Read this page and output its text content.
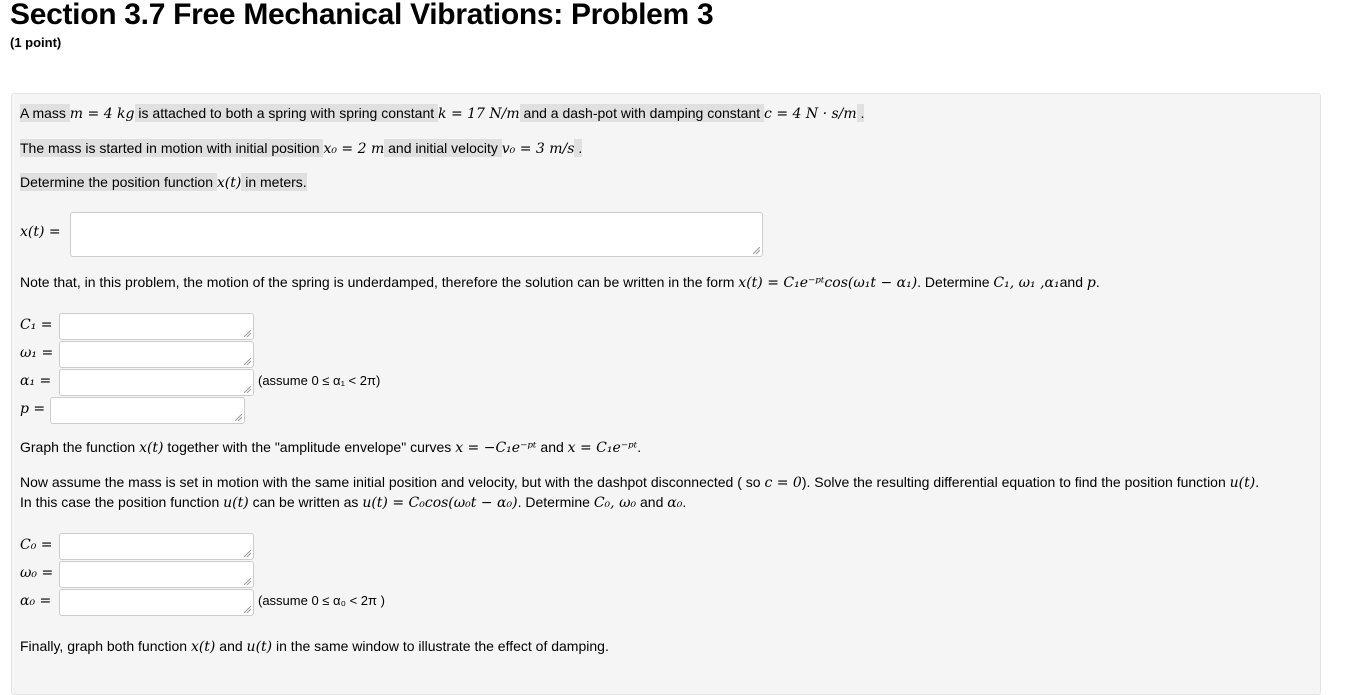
Section 3.7 Free Mechanical Vibrations: Problem 3
(1 point)
A mass m = 4 kg is attached to both a spring with spring constant k = 17 N/m and a dash-pot with damping constant c = 4 N · s/m .
The mass is started in motion with initial position x₀ = 2 m and initial velocity v₀ = 3 m/s .
Determine the position function x(t) in meters.
x(t) =
Note that, in this problem, the motion of the spring is underdamped, therefore the solution can be written in the form x(t) = C₁e⁻ᵖᵗcos(ω₁t − α₁). Determine C₁, ω₁ ,α₁and p.
C₁ =
ω₁ =
α₁ =	(assume 0 ≤ α₁ < 2π)
p =
Graph the function x(t) together with the "amplitude envelope" curves x = −C₁e⁻ᵖᵗ and x = C₁e⁻ᵖᵗ.
Now assume the mass is set in motion with the same initial position and velocity, but with the dashpot disconnected ( so c = 0). Solve the resulting differential equation to find the position function u(t).
In this case the position function u(t) can be written as u(t) = C₀cos(ω₀t − α₀). Determine C₀, ω₀ and α₀.
C₀ =
ω₀ =
α₀ =	(assume 0 ≤ α₀ < 2π )
Finally, graph both function x(t) and u(t) in the same window to illustrate the effect of damping.
